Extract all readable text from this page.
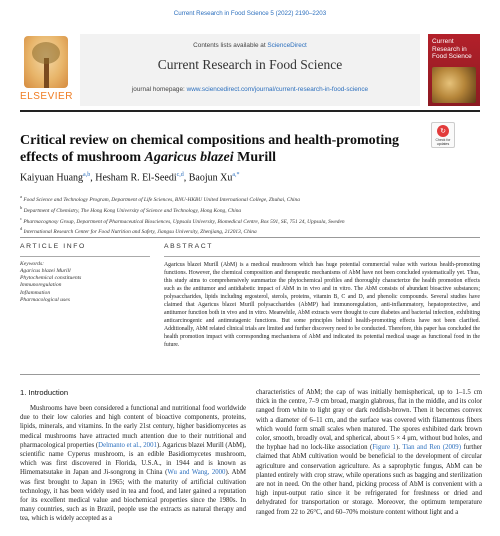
Current Research in Food Science 5 (2022) 2190–2203
ELSEVIER
Contents lists available at ScienceDirect
Current Research in Food Science
journal homepage: www.sciencedirect.com/journal/current-research-in-food-science
Current Research in Food Science
↻
Check for updates
Critical review on chemical compositions and health-promoting effects of mushroom Agaricus blazei Murill
Kaiyuan Huang$^{a,b}$, Hesham R. El-Seedi$^{c,d}$, Baojun $Xu^{a,*}$
$^a$ Food Science and Technology Program, Department of Life Sciences, BNU-HKBU United International College, Zhuhai, China
$^b$ Department of Chemistry, The Hong Kong University of Science and Technology, Hong Kong, China
$^c$ Pharmacognosy Group, Department of Pharmaceutical Biosciences, Uppsala University, Biomedical Centre, Box 591, SE, 751 24, Uppsala, Sweden
$^d$ International Research Center for Food Nutrition and Safety, Jiangsu University, Zhenjiang, 212013, China
ARTICLE INFO	ABSTRACT
Keywords:
Agaricus blazei Murill
Phytochemical constituents
Immunoregulation
Inflammation
Pharmacological uses

Agaricus blazei Murill (AbM) is a medical mushroom which has huge potential commercial value with various health-promoting functions. However, the chemical composition and therapeutic mechanisms of AbM have not been concluded systematically yet. Thus, this study aims to comprehensively summarize the phytochemical profiles and thoroughly characterize the health promotion effects such as the antitumor and antidiabetic impact of AbM in in vivo and in vitro. The AbM consists of abundant bioactive substances; polysaccharides, lipids including ergosterol, sterols, proteins, vitamin B, C and D, and phenolic compounds. Several studies have claimed that Agaricus blazei Murill polysaccharides (AbMP) had immunoregulation, anti-inflammatory, hepatoprotective, and antitumor function both in vivo and in vitro. Meanwhile, AbM extracts were thought to cure diabetes and bacterial infection, exhibiting anticarcinogenic and antimutagenic functions. But some principles behind health-promoting effects have not been clarified. Additionally, AbM related clinical trials are limited and further discovery need to be conducted. Therefore, this paper has concluded the health promotion impact with corresponding mechanisms of AbM and indicated its potential medical usage as functional food in the future.

1. Introduction

Mushrooms have been considered a functional and nutritional food worldwide due to their low calories and high content of bioactive components, proteins, lipids, minerals, and vitamins. In the early 21st century, higher basidiomycetes as medical mushrooms have attracted much attention due to their nutritional and pharmacological properties (Delmanto et al., 2001). Agaricus blazei Murill (AbM), scientific name Cyperus mushroom, is an edible Basidiomycetes mushroom, which was first discovered in Florida, U.S.A., in 1944 and is known as Himematsutake in Japan and Ji-songrong in China (Wu and Wang, 2000). AbM was first brought to Japan in 1965; with the maturity of artificial cultivation technology, it has been widely used in tea and food, and later gained a reputation for its excellent medical value and biochemical properties since the 1980s. In many countries, such as in Brazil, people use the extracts as natural therapy and tea, which is widely accepted as a

characteristics of AbM; the cap of was initially hemispherical, up to 1–1.5 cm thick in the centre, 7–9 cm broad, margin glabrous, flat in the middle, and its color ranged from white to light gray or dark reddish-brown. Then it becomes convex with a diameter of 6–11 cm, and the surface was covered with filamentous fibers which would form small scales when matured. The spores exhibited dark brown color, smooth, broadly oval, and spherical, about 5 × 4 μm, without bud holes, and the hyphae had no lock-like association (Figure 1). Tian and Ren (2009) further claimed that AbM cultivation would be beneficial to the development of circular agriculture and conservation agriculture. As a saprophytic fungus, AbM can be planted entirely with crop straw, while operations such as bagging and sterilization are not in need. On the other hand, picking process of AbM is convenient with a high input-output ratio since it be refrigerated for freshness or dried and dehydrated for transportation or storage. Moreover, the optimum temperature ranged from 22 to 26°C, and 60–70% moisture content without light and a
